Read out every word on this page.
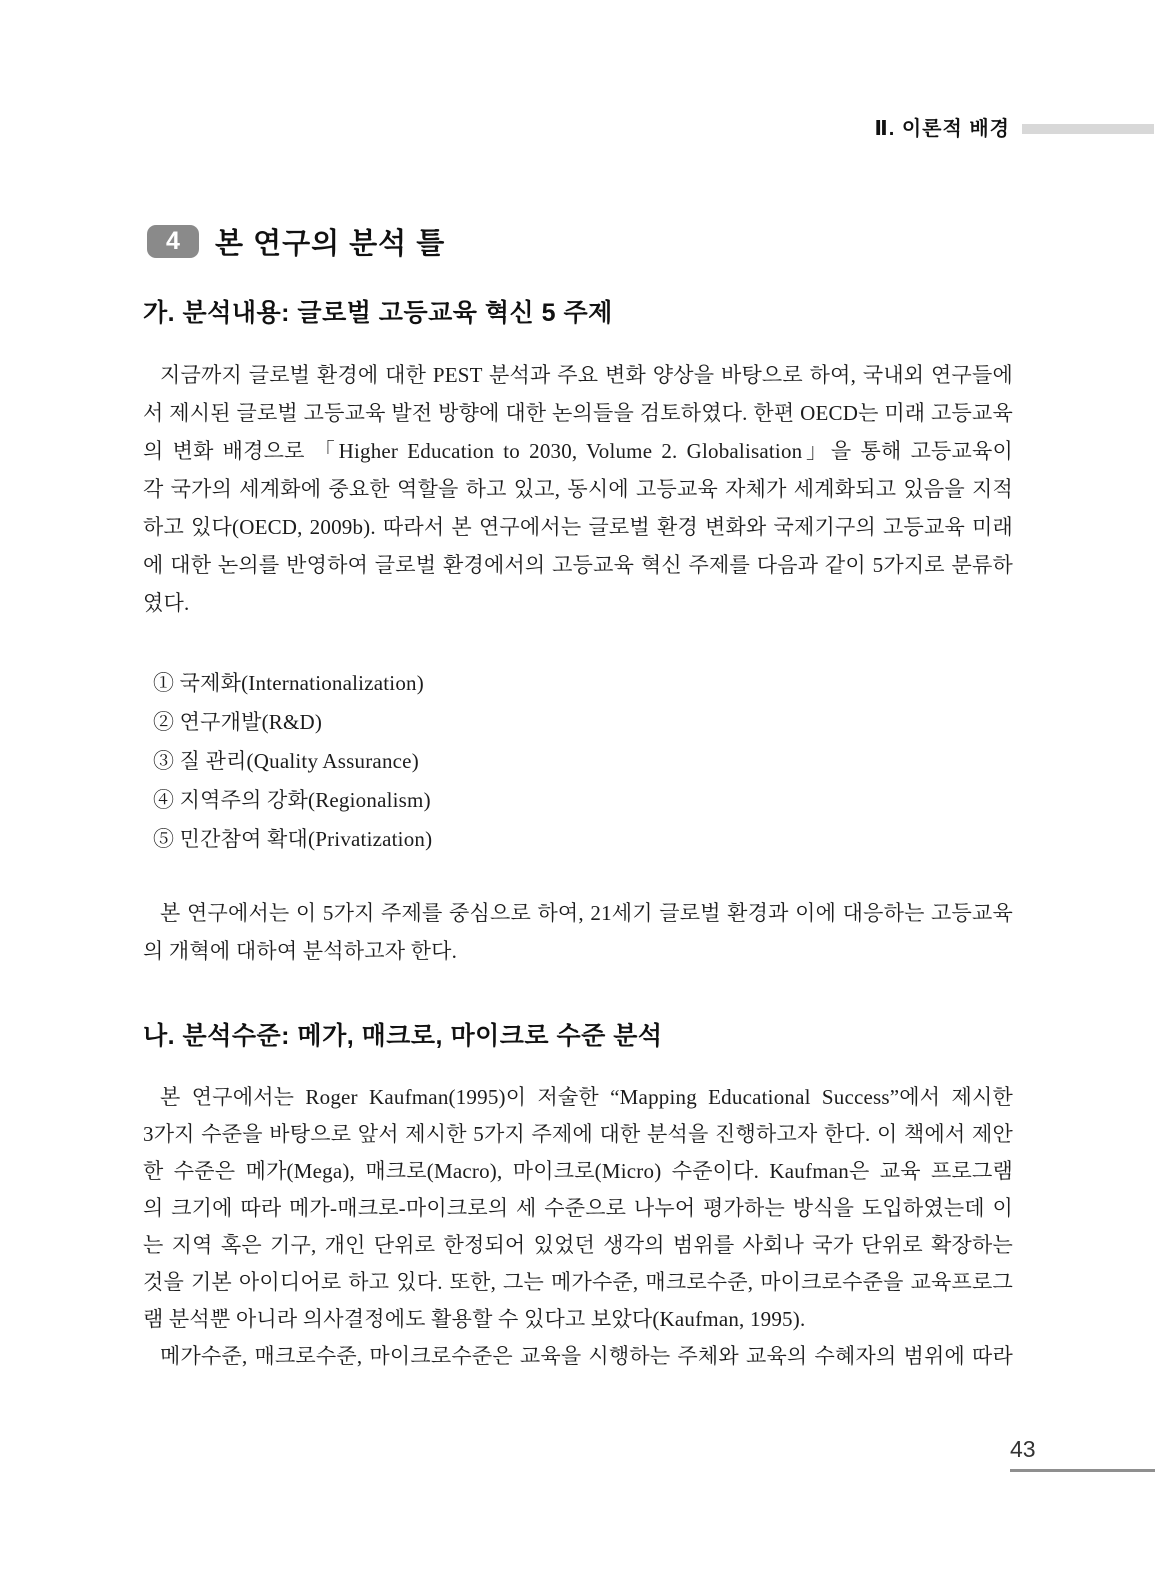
Ⅱ. 이론적 배경
4	본 연구의 분석 틀
가. 분석내용: 글로벌 고등교육 혁신 5 주제
지금까지 글로벌 환경에 대한 PEST 분석과 주요 변화 양상을 바탕으로 하여, 국내외 연구들에
서 제시된 글로벌 고등교육 발전 방향에 대한 논의들을 검토하였다. 한편 OECD는 미래 고등교육
의 변화 배경으로 「Higher Education to 2030, Volume 2. Globalisation」을 통해 고등교육이
각 국가의 세계화에 중요한 역할을 하고 있고, 동시에 고등교육 자체가 세계화되고 있음을 지적
하고 있다(OECD, 2009b). 따라서 본 연구에서는 글로벌 환경 변화와 국제기구의 고등교육 미래
에 대한 논의를 반영하여 글로벌 환경에서의 고등교육 혁신 주제를 다음과 같이 5가지로 분류하
였다.
① 국제화(Internationalization)
② 연구개발(R&D)
③ 질 관리(Quality Assurance)
④ 지역주의 강화(Regionalism)
⑤ 민간참여 확대(Privatization)
본 연구에서는 이 5가지 주제를 중심으로 하여, 21세기 글로벌 환경과 이에 대응하는 고등교육
의 개혁에 대하여 분석하고자 한다.
나. 분석수준: 메가, 매크로, 마이크로 수준 분석
본 연구에서는 Roger Kaufman(1995)이 저술한 “Mapping Educational Success”에서 제시한
3가지 수준을 바탕으로 앞서 제시한 5가지 주제에 대한 분석을 진행하고자 한다. 이 책에서 제안
한 수준은 메가(Mega), 매크로(Macro), 마이크로(Micro) 수준이다. Kaufman은 교육 프로그램
의 크기에 따라 메가-매크로-마이크로의 세 수준으로 나누어 평가하는 방식을 도입하였는데 이
는 지역 혹은 기구, 개인 단위로 한정되어 있었던 생각의 범위를 사회나 국가 단위로 확장하는
것을 기본 아이디어로 하고 있다. 또한, 그는 메가수준, 매크로수준, 마이크로수준을 교육프로그
램 분석뿐 아니라 의사결정에도 활용할 수 있다고 보았다(Kaufman, 1995).
메가수준, 매크로수준, 마이크로수준은 교육을 시행하는 주체와 교육의 수혜자의 범위에 따라
43
